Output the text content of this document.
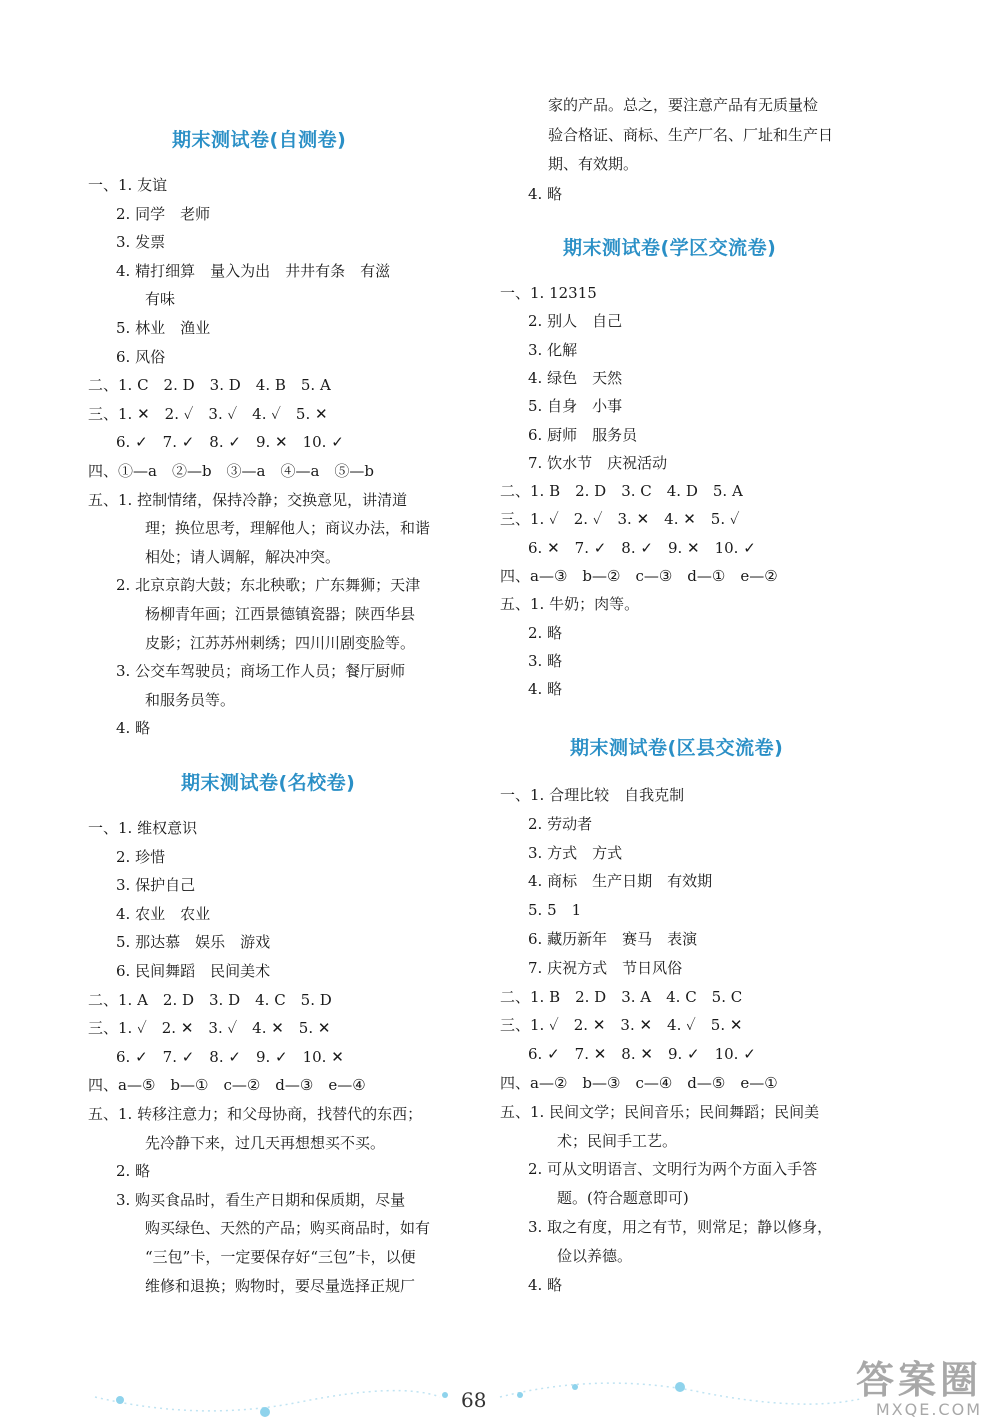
期末测试卷(自测卷)
一、1. 友谊
2. 同学　老师
3. 发票
4. 精打细算　量入为出　井井有条　有滋
有味
5. 林业　渔业
6. 风俗
二、1. C　2. D　3. D　4. B　5. A
三、1. ✕　2. ✓　3. ✓　4. ✓　5. ✕
6. ✓　7. ✓　8. ✓　9. ✕　10. ✓
四、①—a　②—b　③—a　④—a　⑤—b
五、1. 控制情绪，保持冷静；交换意见，讲清道
理；换位思考，理解他人；商议办法，和谐
相处；请人调解，解决冲突。
2. 北京京韵大鼓；东北秧歌；广东舞狮；天津
杨柳青年画；江西景德镇瓷器；陕西华县
皮影；江苏苏州刺绣；四川川剧变脸等。
3. 公交车驾驶员；商场工作人员；餐厅厨师
和服务员等。
4. 略
期末测试卷(名校卷)
一、1. 维权意识
2. 珍惜
3. 保护自己
4. 农业　农业
5. 那达慕　娱乐　游戏
6. 民间舞蹈　民间美术
二、1. A　2. D　3. D　4. C　5. D
三、1. ✓　2. ✕　3. ✓　4. ✕　5. ✕
6. ✓　7. ✓　8. ✓　9. ✓　10. ✕
四、a—⑤　b—①　c—②　d—③　e—④
五、1. 转移注意力；和父母协商，找替代的东西；
先冷静下来，过几天再想想买不买。
2. 略
3. 购买食品时，看生产日期和保质期，尽量
购买绿色、天然的产品；购买商品时，如有
“三包”卡，一定要保存好“三包”卡，以便
维修和退换；购物时，要尽量选择正规厂
家的产品。总之，要注意产品有无质量检
验合格证、商标、生产厂名、厂址和生产日
期、有效期。
4. 略
期末测试卷(学区交流卷)
一、1. 12315
2. 别人　自己
3. 化解
4. 绿色　天然
5. 自身　小事
6. 厨师　服务员
7. 饮水节　庆祝活动
二、1. B　2. D　3. C　4. D　5. A
三、1. ✓　2. ✓　3. ✕　4. ✕　5. ✓
6. ✕　7. ✓　8. ✓　9. ✕　10. ✓
四、a—③　b—②　c—③　d—①　e—②
五、1. 牛奶；肉等。
2. 略
3. 略
4. 略
期末测试卷(区县交流卷)
一、1. 合理比较　自我克制
2. 劳动者
3. 方式　方式
4. 商标　生产日期　有效期
5. 5　1
6. 藏历新年　赛马　表演
7. 庆祝方式　节日风俗
二、1. B　2. D　3. A　4. C　5. C
三、1. ✓　2. ✕　3. ✕　4. ✓　5. ✕
6. ✓　7. ✕　8. ✕　9. ✓　10. ✓
四、a—②　b—③　c—④　d—⑤　e—①
五、1. 民间文学；民间音乐；民间舞蹈；民间美
术；民间手工艺。
2. 可从文明语言、文明行为两个方面入手答
题。(符合题意即可)
3. 取之有度，用之有节，则常足；静以修身，
俭以养德。
4. 略
68	答案圈
MXQE.COM
